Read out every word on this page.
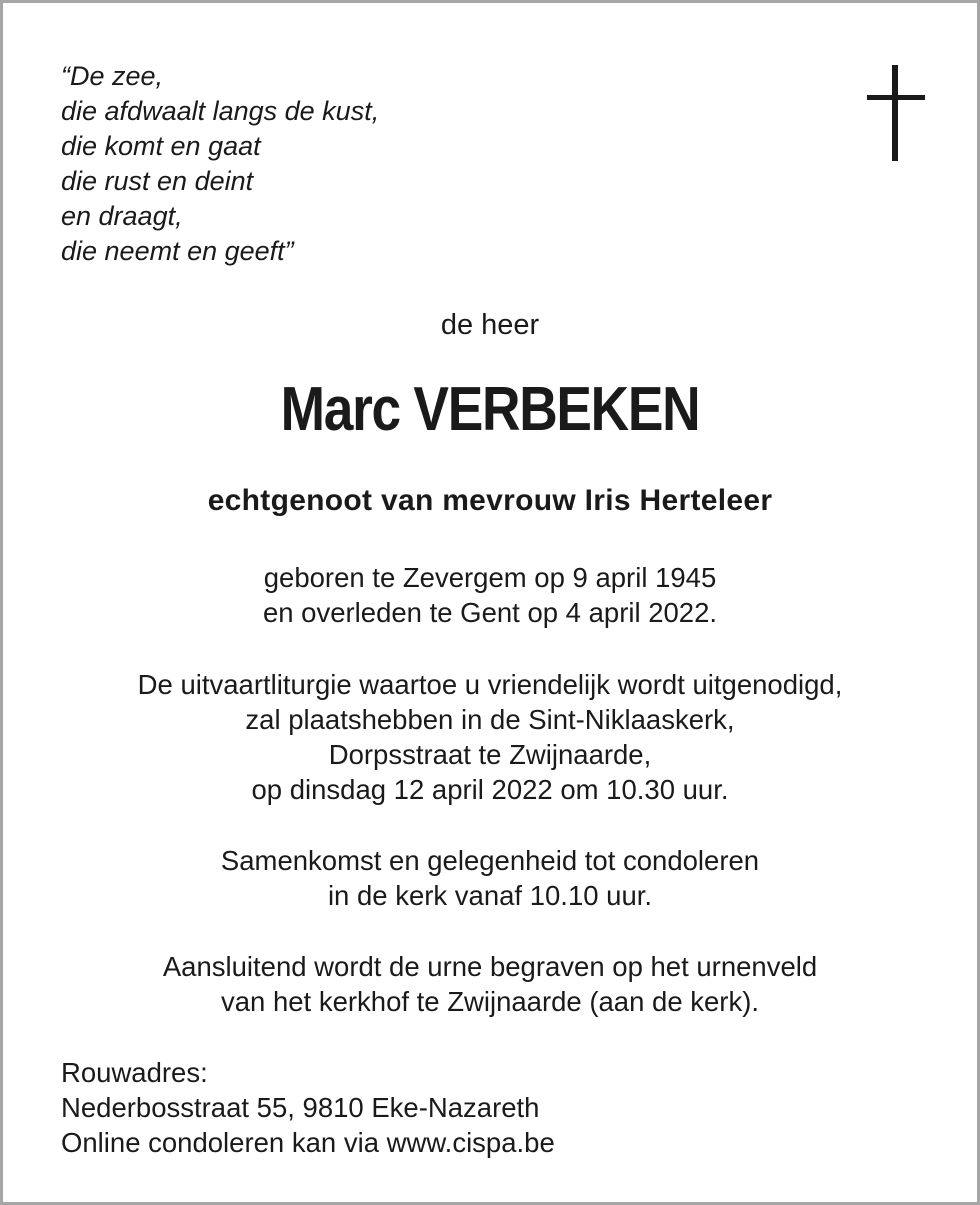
“De zee,
die afdwaalt langs de kust,
die komt en gaat
die rust en deint
en draagt,
die neemt en geeft”
de heer
Marc VERBEKEN
echtgenoot van mevrouw Iris Herteleer
geboren te Zevergem op 9 april 1945
en overleden te Gent op 4 april 2022.
De uitvaartliturgie waartoe u vriendelijk wordt uitgenodigd,
zal plaatshebben in de Sint-Niklaaskerk,
Dorpsstraat te Zwijnaarde,
op dinsdag 12 april 2022 om 10.30 uur.
Samenkomst en gelegenheid tot condoleren
in de kerk vanaf 10.10 uur.
Aansluitend wordt de urne begraven op het urnenveld
van het kerkhof te Zwijnaarde (aan de kerk).
Rouwadres:
Nederbosstraat 55, 9810 Eke-Nazareth
Online condoleren kan via www.cispa.be
